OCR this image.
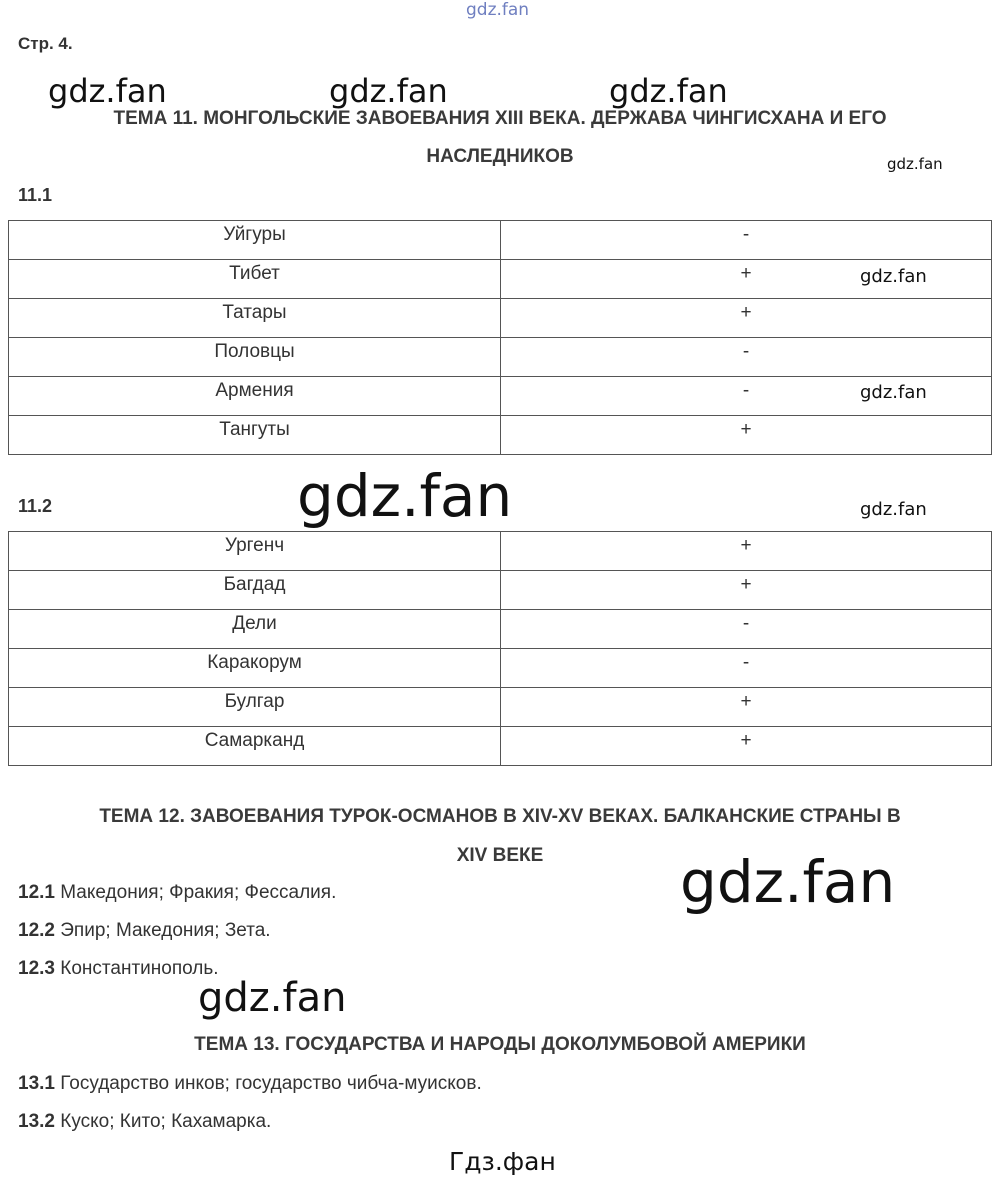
gdz.fan
Стр. 4.
ТЕМА 11. МОНГОЛЬСКИЕ ЗАВОЕВАНИЯ XIII ВЕКА. ДЕРЖАВА ЧИНГИСХАНА И ЕГО
НАСЛЕДНИКОВ
11.1
Уйгуры	-
Тибет	+
Татары	+
Половцы	-
Армения	-
Тангуты	+
11.2
Ургенч	+
Багдад	+
Дели	-
Каракорум	-
Булгар	+
Самарканд	+
ТЕМА 12. ЗАВОЕВАНИЯ ТУРОК-ОСМАНОВ В XIV-XV ВЕКАХ. БАЛКАНСКИЕ СТРАНЫ В
XIV ВЕКЕ
12.1 Македония; Фракия; Фессалия.
12.2 Эпир; Македония; Зета.
12.3 Константинополь.
ТЕМА 13. ГОСУДАРСТВА И НАРОДЫ ДОКОЛУМБОВОЙ АМЕРИКИ
13.1 Государство инков; государство чибча-муисков.
13.2 Куско; Кито; Кахамарка.
gdz.fan	gdz.fan	gdz.fan
gdz.fan
gdz.fan
gdz.fan
gdz.fan
gdz.fan
gdz.fan
gdz.fan
Гдз.фан
